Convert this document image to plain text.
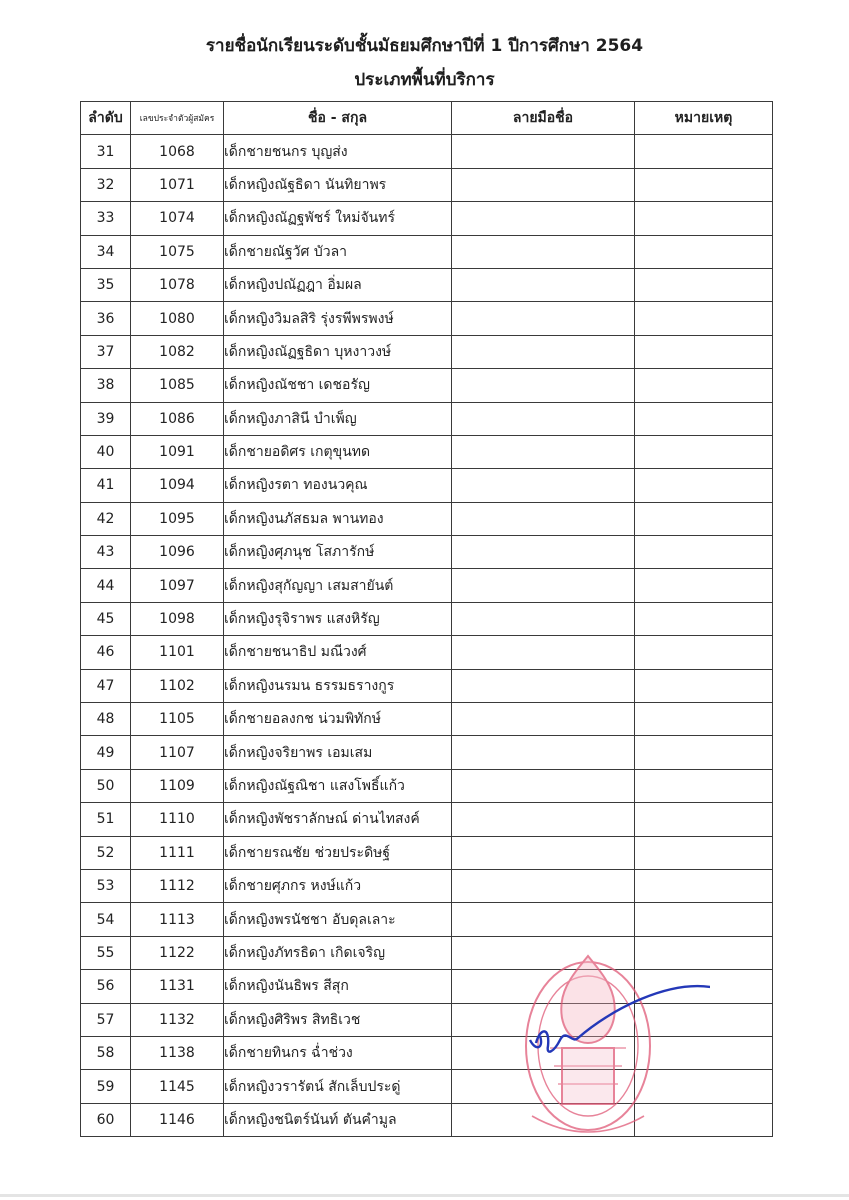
รายชื่อนักเรียนระดับชั้นมัธยมศึกษาปีที่ 1 ปีการศึกษา 2564
ประเภทพื้นที่บริการ
ลำดับ	เลขประจำตัวผู้สมัคร	ชื่อ - สกุล	ลายมือชื่อ	หมายเหตุ
31	1068	เด็กชายชนกร บุญส่ง		
32	1071	เด็กหญิงณัฐธิดา นันทิยาพร		
33	1074	เด็กหญิงณัฏฐพัชร์ ใหม่จันทร์		
34	1075	เด็กชายณัฐวัศ บัวลา		
35	1078	เด็กหญิงปณัฏฎา อิ่มผล		
36	1080	เด็กหญิงวิมลสิริ รุ่งรพีพรพงษ์		
37	1082	เด็กหญิงณัฏฐธิดา บุหงาวงษ์		
38	1085	เด็กหญิงณัชชา เดชอรัญ		
39	1086	เด็กหญิงภาสินี บำเพ็ญ		
40	1091	เด็กชายอดิศร เกตุขุนทด		
41	1094	เด็กหญิงรตา ทองนวคุณ		
42	1095	เด็กหญิงนภัสธมล พานทอง		
43	1096	เด็กหญิงศุภนุช โสภารักษ์		
44	1097	เด็กหญิงสุกัญญา เสมสายันต์		
45	1098	เด็กหญิงรุจิราพร แสงหิรัญ		
46	1101	เด็กชายชนาธิป มณีวงศ์		
47	1102	เด็กหญิงนรมน ธรรมธรางกูร		
48	1105	เด็กชายอลงกช น่วมพิทักษ์		
49	1107	เด็กหญิงจริยาพร เอมเสม		
50	1109	เด็กหญิงณัฐณิชา แสงโพธิ์แก้ว		
51	1110	เด็กหญิงพัชราลักษณ์ ด่านไทสงค์		
52	1111	เด็กชายรณชัย ช่วยประดิษฐ์		
53	1112	เด็กชายศุภกร หงษ์แก้ว		
54	1113	เด็กหญิงพรนัชชา อับดุลเลาะ		
55	1122	เด็กหญิงภัทรธิดา เกิดเจริญ		
56	1131	เด็กหญิงนันธิพร สีสุก		
57	1132	เด็กหญิงศิริพร สิทธิเวช		
58	1138	เด็กชายทินกร ฉ่ำช่วง		
59	1145	เด็กหญิงวรารัตน์ สักเล็บประดู่		
60	1146	เด็กหญิงชนิตร์นันท์ ตันคำมูล		
